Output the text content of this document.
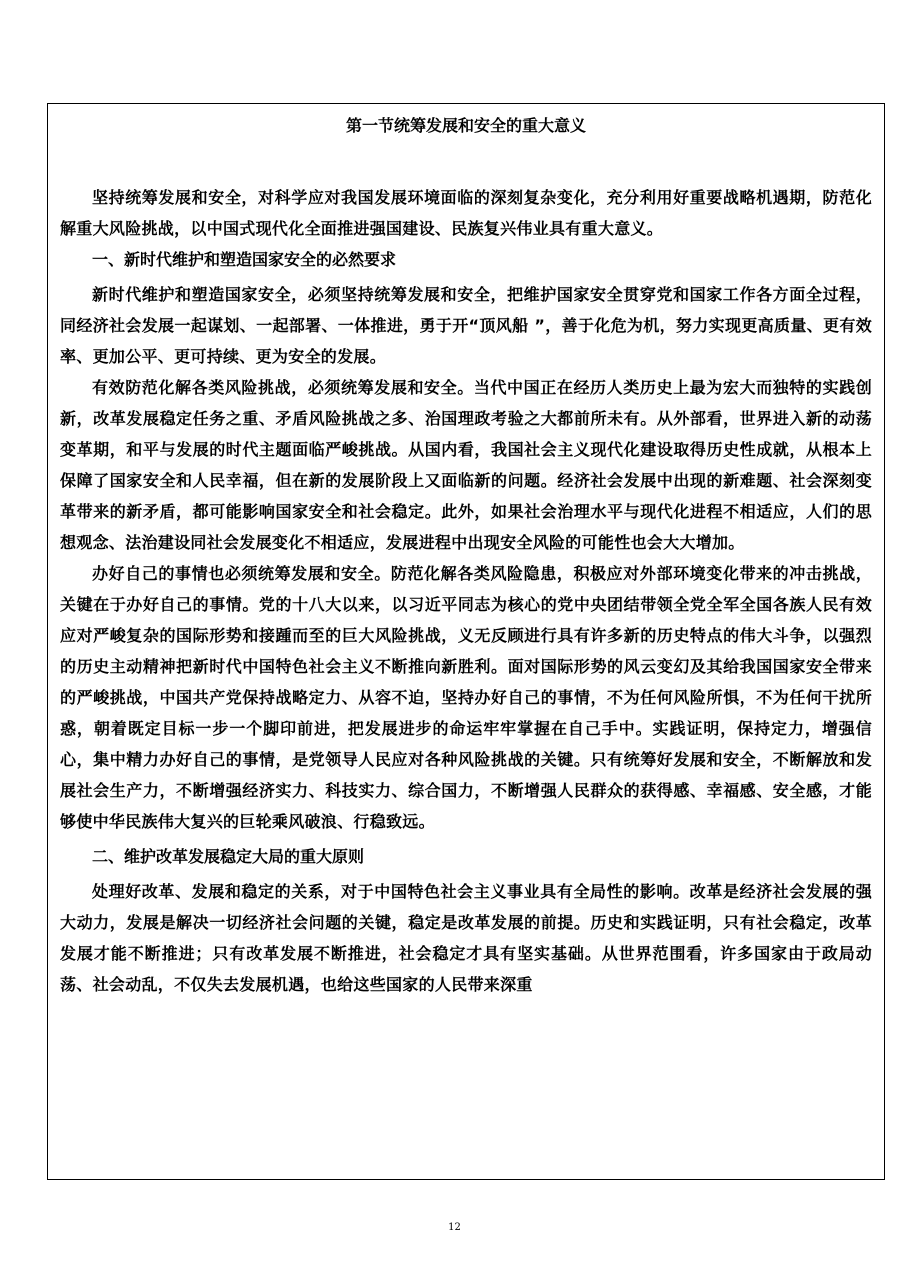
第一节统筹发展和安全的重大意义

坚持统筹发展和安全，对科学应对我国发展环境面临的深刻复杂变化，充分利用好重要战略机遇期，防范化解重大风险挑战，以中国式现代化全面推进强国建设、民族复兴伟业具有重大意义。

一、新时代维护和塑造国家安全的必然要求

新时代维护和塑造国家安全，必须坚持统筹发展和安全，把维护国家安全贯穿党和国家工作各方面全过程，同经济社会发展一起谋划、一起部署、一体推进，勇于开“顶风船 ”，善于化危为机，努力实现更高质量、更有效率、更加公平、更可持续、更为安全的发展。

有效防范化解各类风险挑战，必须统筹发展和安全。当代中国正在经历人类历史上最为宏大而独特的实践创新，改革发展稳定任务之重、矛盾风险挑战之多、治国理政考验之大都前所未有。从外部看，世界进入新的动荡变革期，和平与发展的时代主题面临严峻挑战。从国内看，我国社会主义现代化建设取得历史性成就，从根本上保障了国家安全和人民幸福，但在新的发展阶段上又面临新的问题。经济社会发展中出现的新难题、社会深刻变革带来的新矛盾，都可能影响国家安全和社会稳定。此外，如果社会治理水平与现代化进程不相适应，人们的思想观念、法治建设同社会发展变化不相适应，发展进程中出现安全风险的可能性也会大大增加。

办好自己的事情也必须统筹发展和安全。防范化解各类风险隐患，积极应对外部环境变化带来的冲击挑战，关键在于办好自己的事情。党的十八大以来，以习近平同志为核心的党中央团结带领全党全军全国各族人民有效应对严峻复杂的国际形势和接踵而至的巨大风险挑战，义无反顾进行具有许多新的历史特点的伟大斗争，以强烈的历史主动精神把新时代中国特色社会主义不断推向新胜利。面对国际形势的风云变幻及其给我国国家安全带来的严峻挑战，中国共产党保持战略定力、从容不迫，坚持办好自己的事情，不为任何风险所惧，不为任何干扰所惑，朝着既定目标一步一个脚印前进，把发展进步的命运牢牢掌握在自己手中。实践证明，保持定力，增强信心，集中精力办好自己的事情，是党领导人民应对各种风险挑战的关键。只有统筹好发展和安全，不断解放和发展社会生产力，不断增强经济实力、科技实力、综合国力，不断增强人民群众的获得感、幸福感、安全感，才能够使中华民族伟大复兴的巨轮乘风破浪、行稳致远。

二、维护改革发展稳定大局的重大原则

处理好改革、发展和稳定的关系，对于中国特色社会主义事业具有全局性的影响。改革是经济社会发展的强大动力，发展是解决一切经济社会问题的关键，稳定是改革发展的前提。历史和实践证明，只有社会稳定，改革发展才能不断推进；只有改革发展不断推进，社会稳定才具有坚实基础。从世界范围看，许多国家由于政局动荡、社会动乱，不仅失去发展机遇，也给这些国家的人民带来深重

12
